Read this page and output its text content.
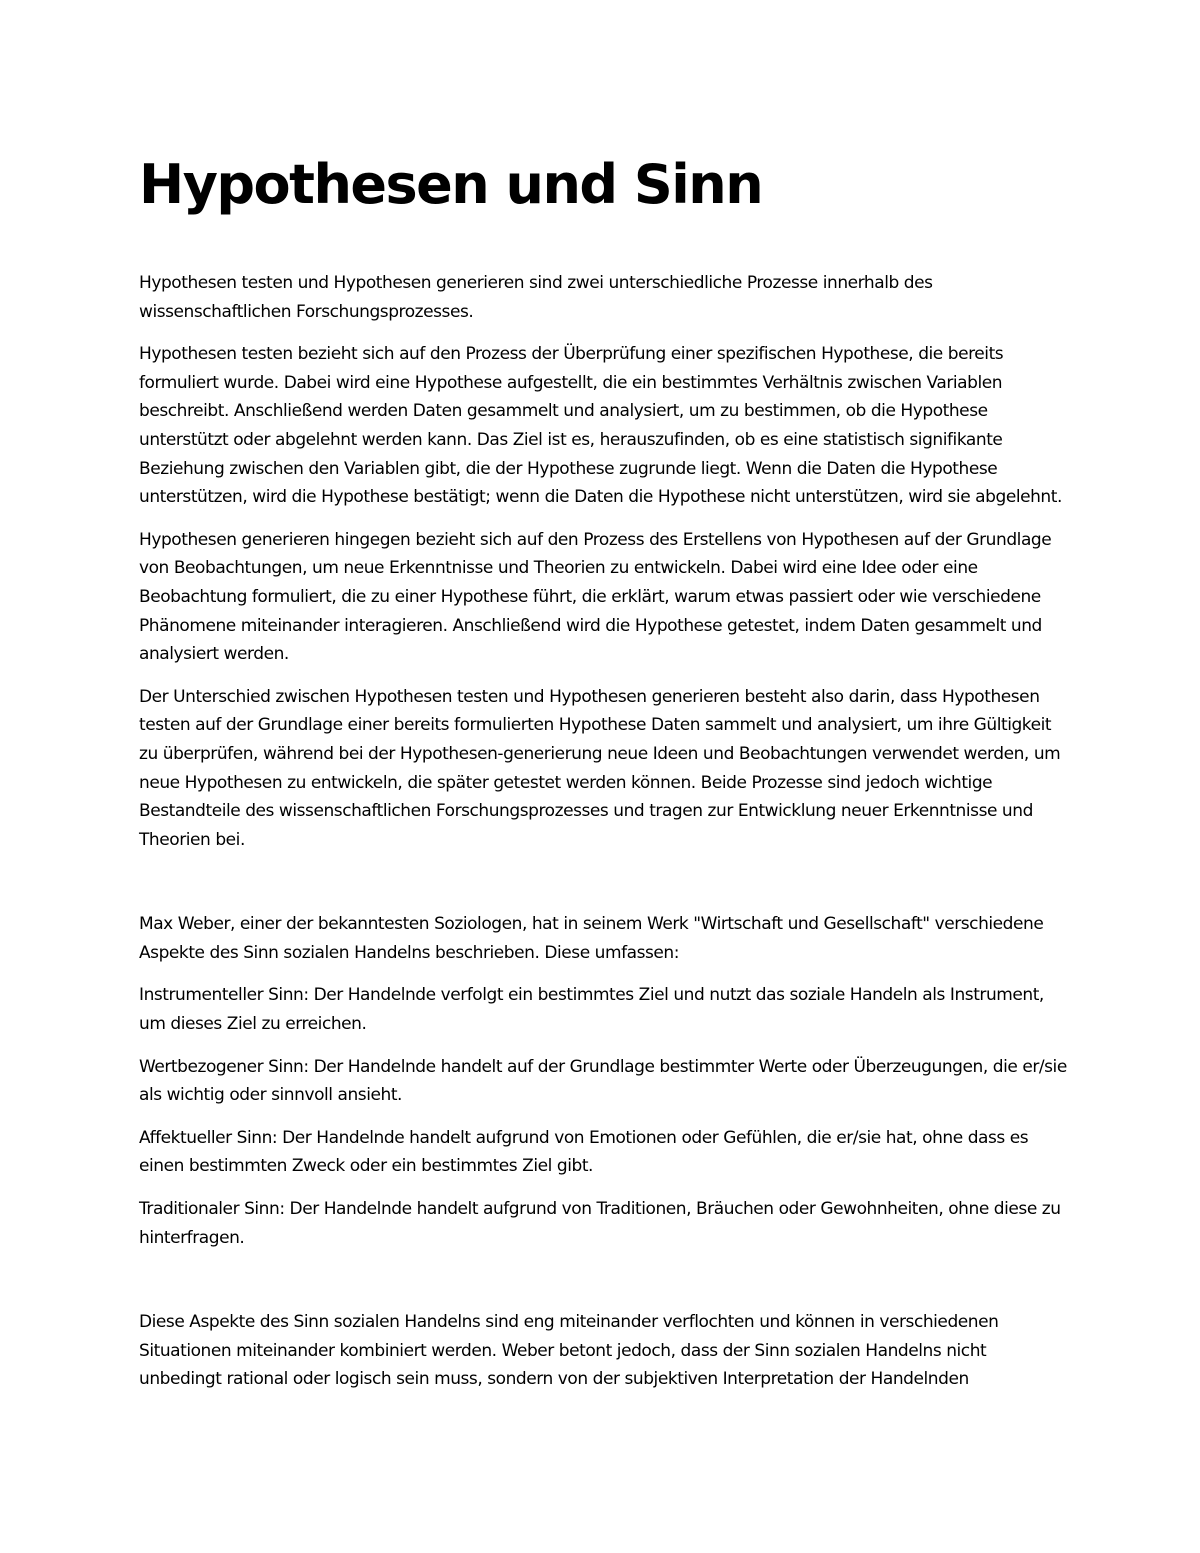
Hypothesen und Sinn

Hypothesen testen und Hypothesen generieren sind zwei unterschiedliche Prozesse innerhalb des wissenschaftlichen Forschungsprozesses.

Hypothesen testen bezieht sich auf den Prozess der Überprüfung einer spezifischen Hypothese, die bereits formuliert wurde. Dabei wird eine Hypothese aufgestellt, die ein bestimmtes Verhältnis zwischen Variablen beschreibt. Anschließend werden Daten gesammelt und analysiert, um zu bestimmen, ob die Hypothese unterstützt oder abgelehnt werden kann. Das Ziel ist es, herauszufinden, ob es eine statistisch signifikante Beziehung zwischen den Variablen gibt, die der Hypothese zugrunde liegt. Wenn die Daten die Hypothese unterstützen, wird die Hypothese bestätigt; wenn die Daten die Hypothese nicht unterstützen, wird sie abgelehnt.

Hypothesen generieren hingegen bezieht sich auf den Prozess des Erstellens von Hypothesen auf der Grundlage von Beobachtungen, um neue Erkenntnisse und Theorien zu entwickeln. Dabei wird eine Idee oder eine Beobachtung formuliert, die zu einer Hypothese führt, die erklärt, warum etwas passiert oder wie verschiedene Phänomene miteinander interagieren. Anschließend wird die Hypothese getestet, indem Daten gesammelt und analysiert werden.

Der Unterschied zwischen Hypothesen testen und Hypothesen generieren besteht also darin, dass Hypothesen testen auf der Grundlage einer bereits formulierten Hypothese Daten sammelt und analysiert, um ihre Gültigkeit zu überprüfen, während bei der Hypothesen-generierung neue Ideen und Beobachtungen verwendet werden, um neue Hypothesen zu entwickeln, die später getestet werden können. Beide Prozesse sind jedoch wichtige Bestandteile des wissenschaftlichen Forschungsprozesses und tragen zur Entwicklung neuer Erkenntnisse und Theorien bei.

Max Weber, einer der bekanntesten Soziologen, hat in seinem Werk "Wirtschaft und Gesellschaft" verschiedene Aspekte des Sinn sozialen Handelns beschrieben. Diese umfassen:

Instrumenteller Sinn: Der Handelnde verfolgt ein bestimmtes Ziel und nutzt das soziale Handeln als Instrument, um dieses Ziel zu erreichen.

Wertbezogener Sinn: Der Handelnde handelt auf der Grundlage bestimmter Werte oder Überzeugungen, die er/sie als wichtig oder sinnvoll ansieht.

Affektueller Sinn: Der Handelnde handelt aufgrund von Emotionen oder Gefühlen, die er/sie hat, ohne dass es einen bestimmten Zweck oder ein bestimmtes Ziel gibt.

Traditionaler Sinn: Der Handelnde handelt aufgrund von Traditionen, Bräuchen oder Gewohnheiten, ohne diese zu hinterfragen.

Diese Aspekte des Sinn sozialen Handelns sind eng miteinander verflochten und können in verschiedenen Situationen miteinander kombiniert werden. Weber betont jedoch, dass der Sinn sozialen Handelns nicht unbedingt rational oder logisch sein muss, sondern von der subjektiven Interpretation der Handelnden
